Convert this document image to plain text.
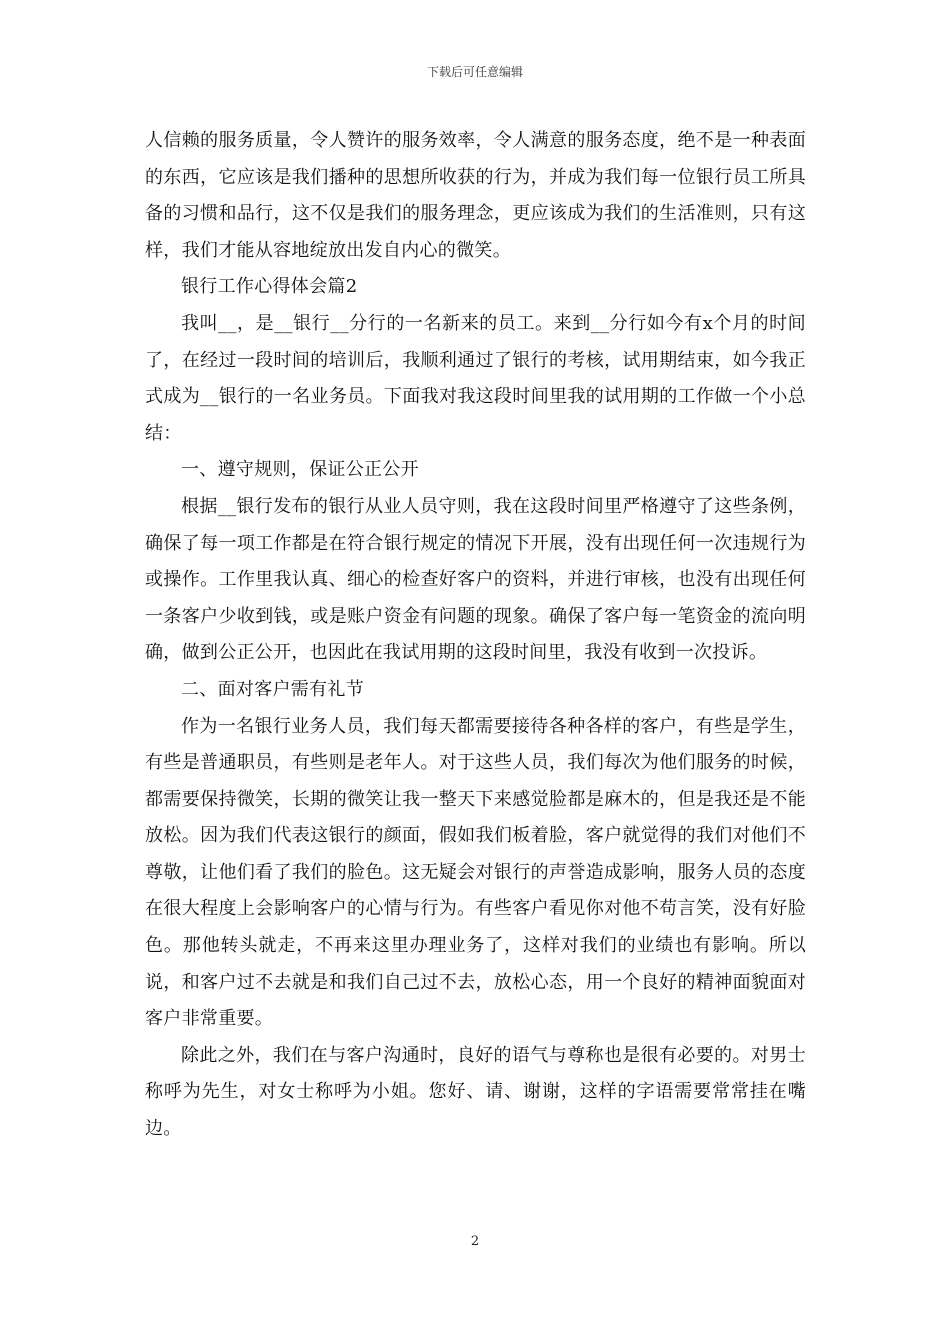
下载后可任意编辑

人信赖的服务质量，令人赞许的服务效率，令人满意的服务态度，绝不是一种表面的东西，它应该是我们播种的思想所收获的行为，并成为我们每一位银行员工所具备的习惯和品行，这不仅是我们的服务理念，更应该成为我们的生活准则，只有这样，我们才能从容地绽放出发自内心的微笑。

银行工作心得体会篇2

我叫__，是__银行__分行的一名新来的员工。来到__分行如今有x个月的时间了，在经过一段时间的培训后，我顺利通过了银行的考核，试用期结束，如今我正式成为__银行的一名业务员。下面我对我这段时间里我的试用期的工作做一个小总结：

一、遵守规则，保证公正公开

根据__银行发布的银行从业人员守则，我在这段时间里严格遵守了这些条例，确保了每一项工作都是在符合银行规定的情况下开展，没有出现任何一次违规行为或操作。工作里我认真、细心的检查好客户的资料，并进行审核，也没有出现任何一条客户少收到钱，或是账户资金有问题的现象。确保了客户每一笔资金的流向明确，做到公正公开，也因此在我试用期的这段时间里，我没有收到一次投诉。

二、面对客户需有礼节

作为一名银行业务人员，我们每天都需要接待各种各样的客户，有些是学生，有些是普通职员，有些则是老年人。对于这些人员，我们每次为他们服务的时候，都需要保持微笑，长期的微笑让我一整天下来感觉脸都是麻木的，但是我还是不能放松。因为我们代表这银行的颜面，假如我们板着脸，客户就觉得的我们对他们不尊敬，让他们看了我们的脸色。这无疑会对银行的声誉造成影响，服务人员的态度在很大程度上会影响客户的心情与行为。有些客户看见你对他不苟言笑，没有好脸色。那他转头就走，不再来这里办理业务了，这样对我们的业绩也有影响。所以说，和客户过不去就是和我们自己过不去，放松心态，用一个良好的精神面貌面对客户非常重要。

除此之外，我们在与客户沟通时，良好的语气与尊称也是很有必要的。对男士称呼为先生，对女士称呼为小姐。您好、请、谢谢，这样的字语需要常常挂在嘴边。

2
